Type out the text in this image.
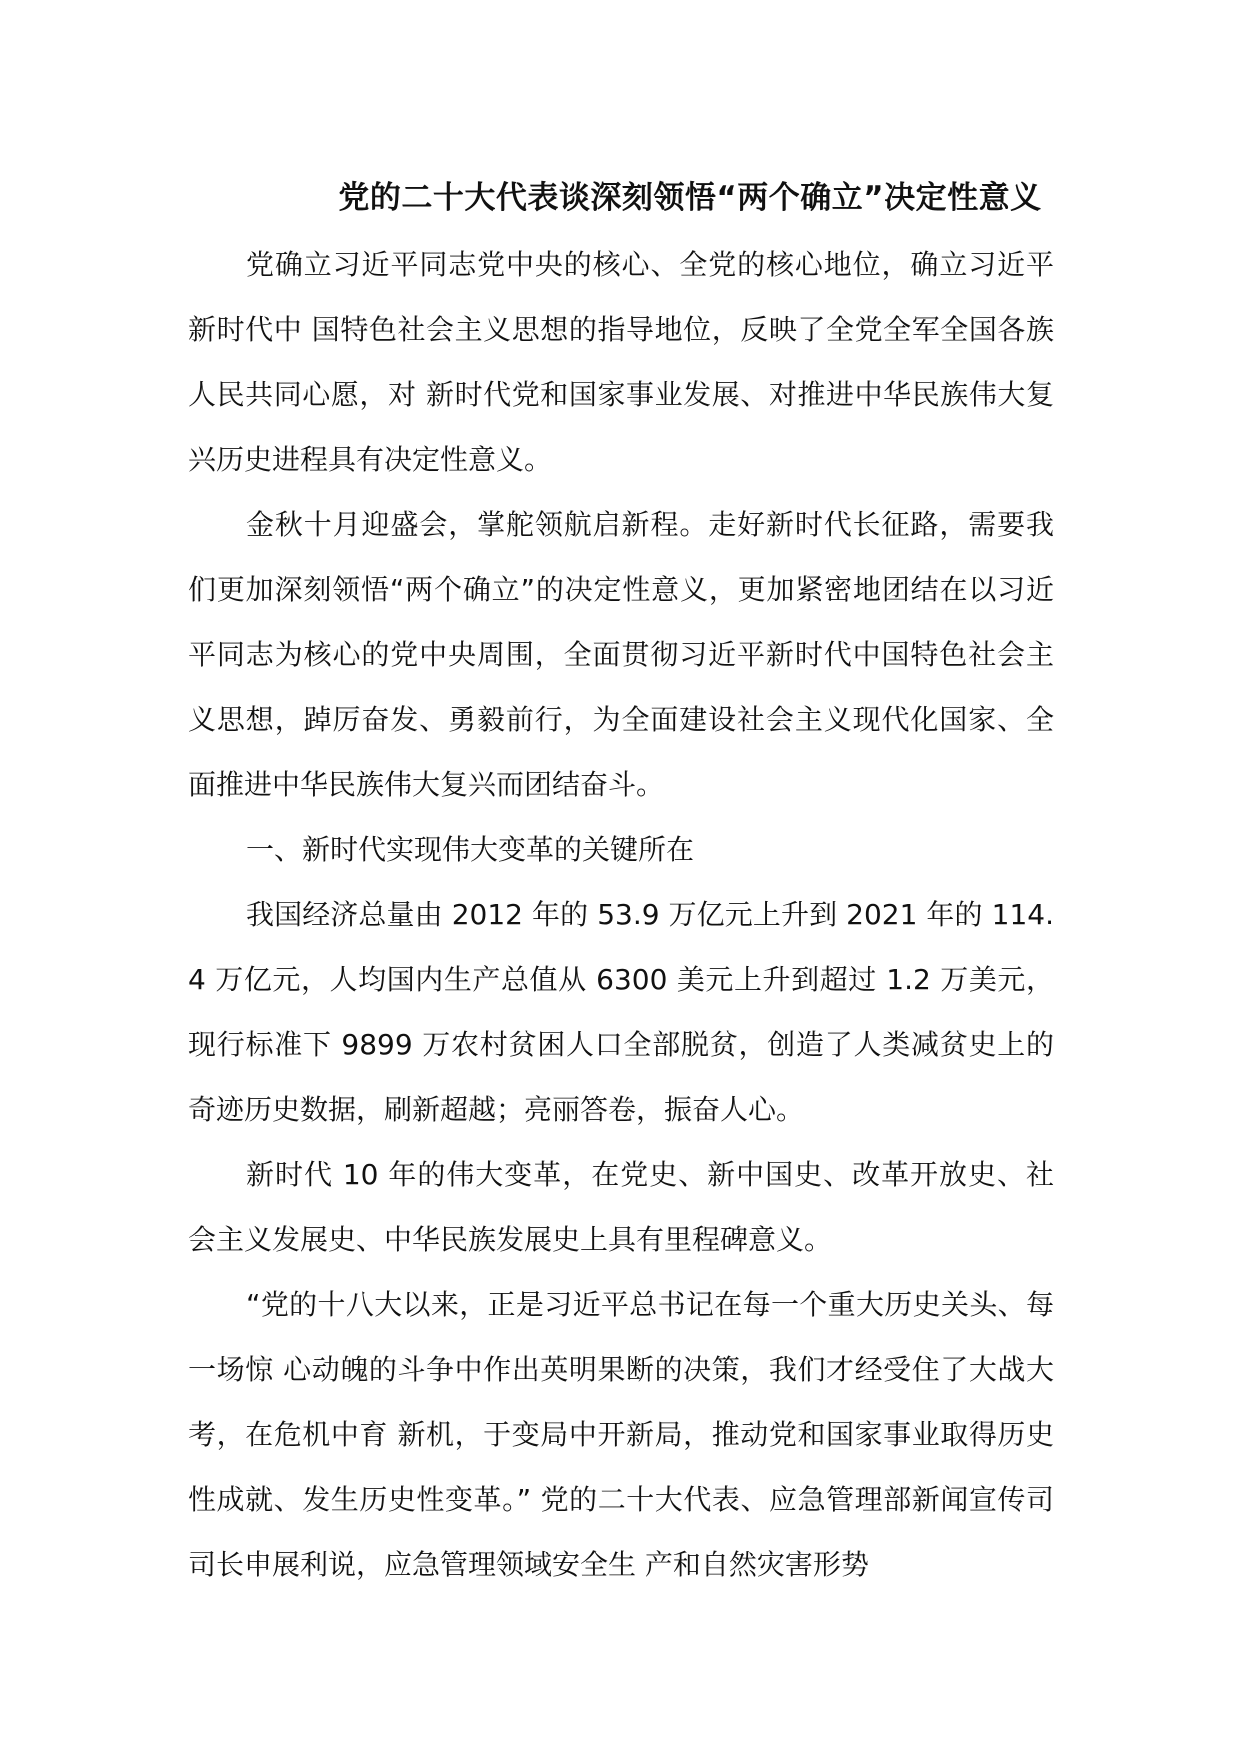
党的二十大代表谈深刻领悟“两个确立”决定性意义

党确立习近平同志党中央的核心、全党的核心地位，确立习近平新时代中 国特色社会主义思想的指导地位，反映了全党全军全国各族人民共同心愿，对 新时代党和国家事业发展、对推进中华民族伟大复兴历史进程具有决定性意义。

金秋十月迎盛会，掌舵领航启新程。走好新时代长征路，需要我们更加深刻领悟“两个确立”的决定性意义，更加紧密地团结在以习近平同志为核心的党中央周围，全面贯彻习近平新时代中国特色社会主义思想，踔厉奋发、勇毅前行，为全面建设社会主义现代化国家、全面推进中华民族伟大复兴而团结奋斗。

一、新时代实现伟大变革的关键所在

我国经济总量由 2012 年的 53.9 万亿元上升到 2021 年的 114.4 万亿元，人均国内生产总值从 6300 美元上升到超过 1.2 万美元，现行标准下 9899 万农村贫困人口全部脱贫，创造了人类减贫史上的奇迹历史数据，刷新超越；亮丽答卷，振奋人心。

新时代 10 年的伟大变革，在党史、新中国史、改革开放史、社会主义发展史、中华民族发展史上具有里程碑意义。

“党的十八大以来，正是习近平总书记在每一个重大历史关头、每一场惊 心动魄的斗争中作出英明果断的决策，我们才经受住了大战大考，在危机中育 新机，于变局中开新局，推动党和国家事业取得历史性成就、发生历史性变革。” 党的二十大代表、应急管理部新闻宣传司司长申展利说，应急管理领域安全生 产和自然灾害形势
